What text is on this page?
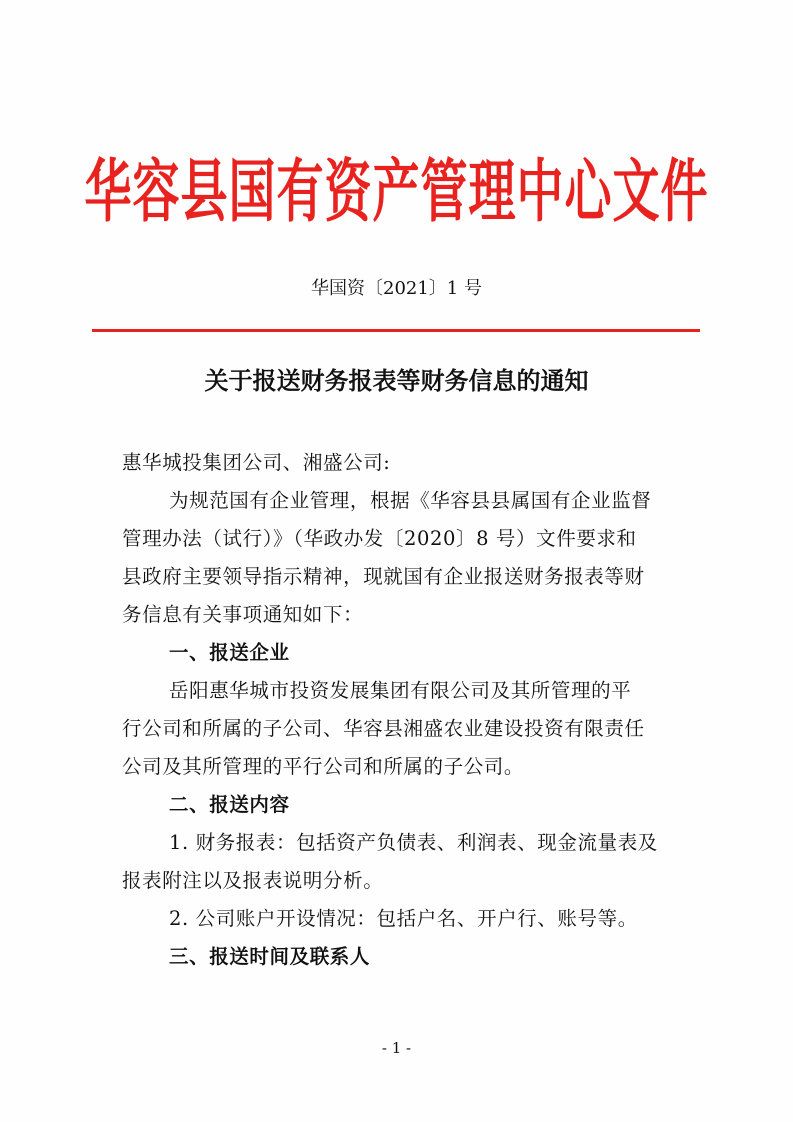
华容县国有资产管理中心文件
华国资〔2021〕1 号
关于报送财务报表等财务信息的通知
惠华城投集团公司、湘盛公司:
为规范国有企业管理，根据《华容县县属国有企业监督
管理办法（试行）》（华政办发〔2020〕8 号）文件要求和
县政府主要领导指示精神，现就国有企业报送财务报表等财
务信息有关事项通知如下：
一、报送企业
岳阳惠华城市投资发展集团有限公司及其所管理的平
行公司和所属的子公司、华容县湘盛农业建设投资有限责任
公司及其所管理的平行公司和所属的子公司。
二、报送内容
1. 财务报表：包括资产负债表、利润表、现金流量表及
报表附注以及报表说明分析。
2. 公司账户开设情况：包括户名、开户行、账号等。
三、报送时间及联系人
- 1 -
